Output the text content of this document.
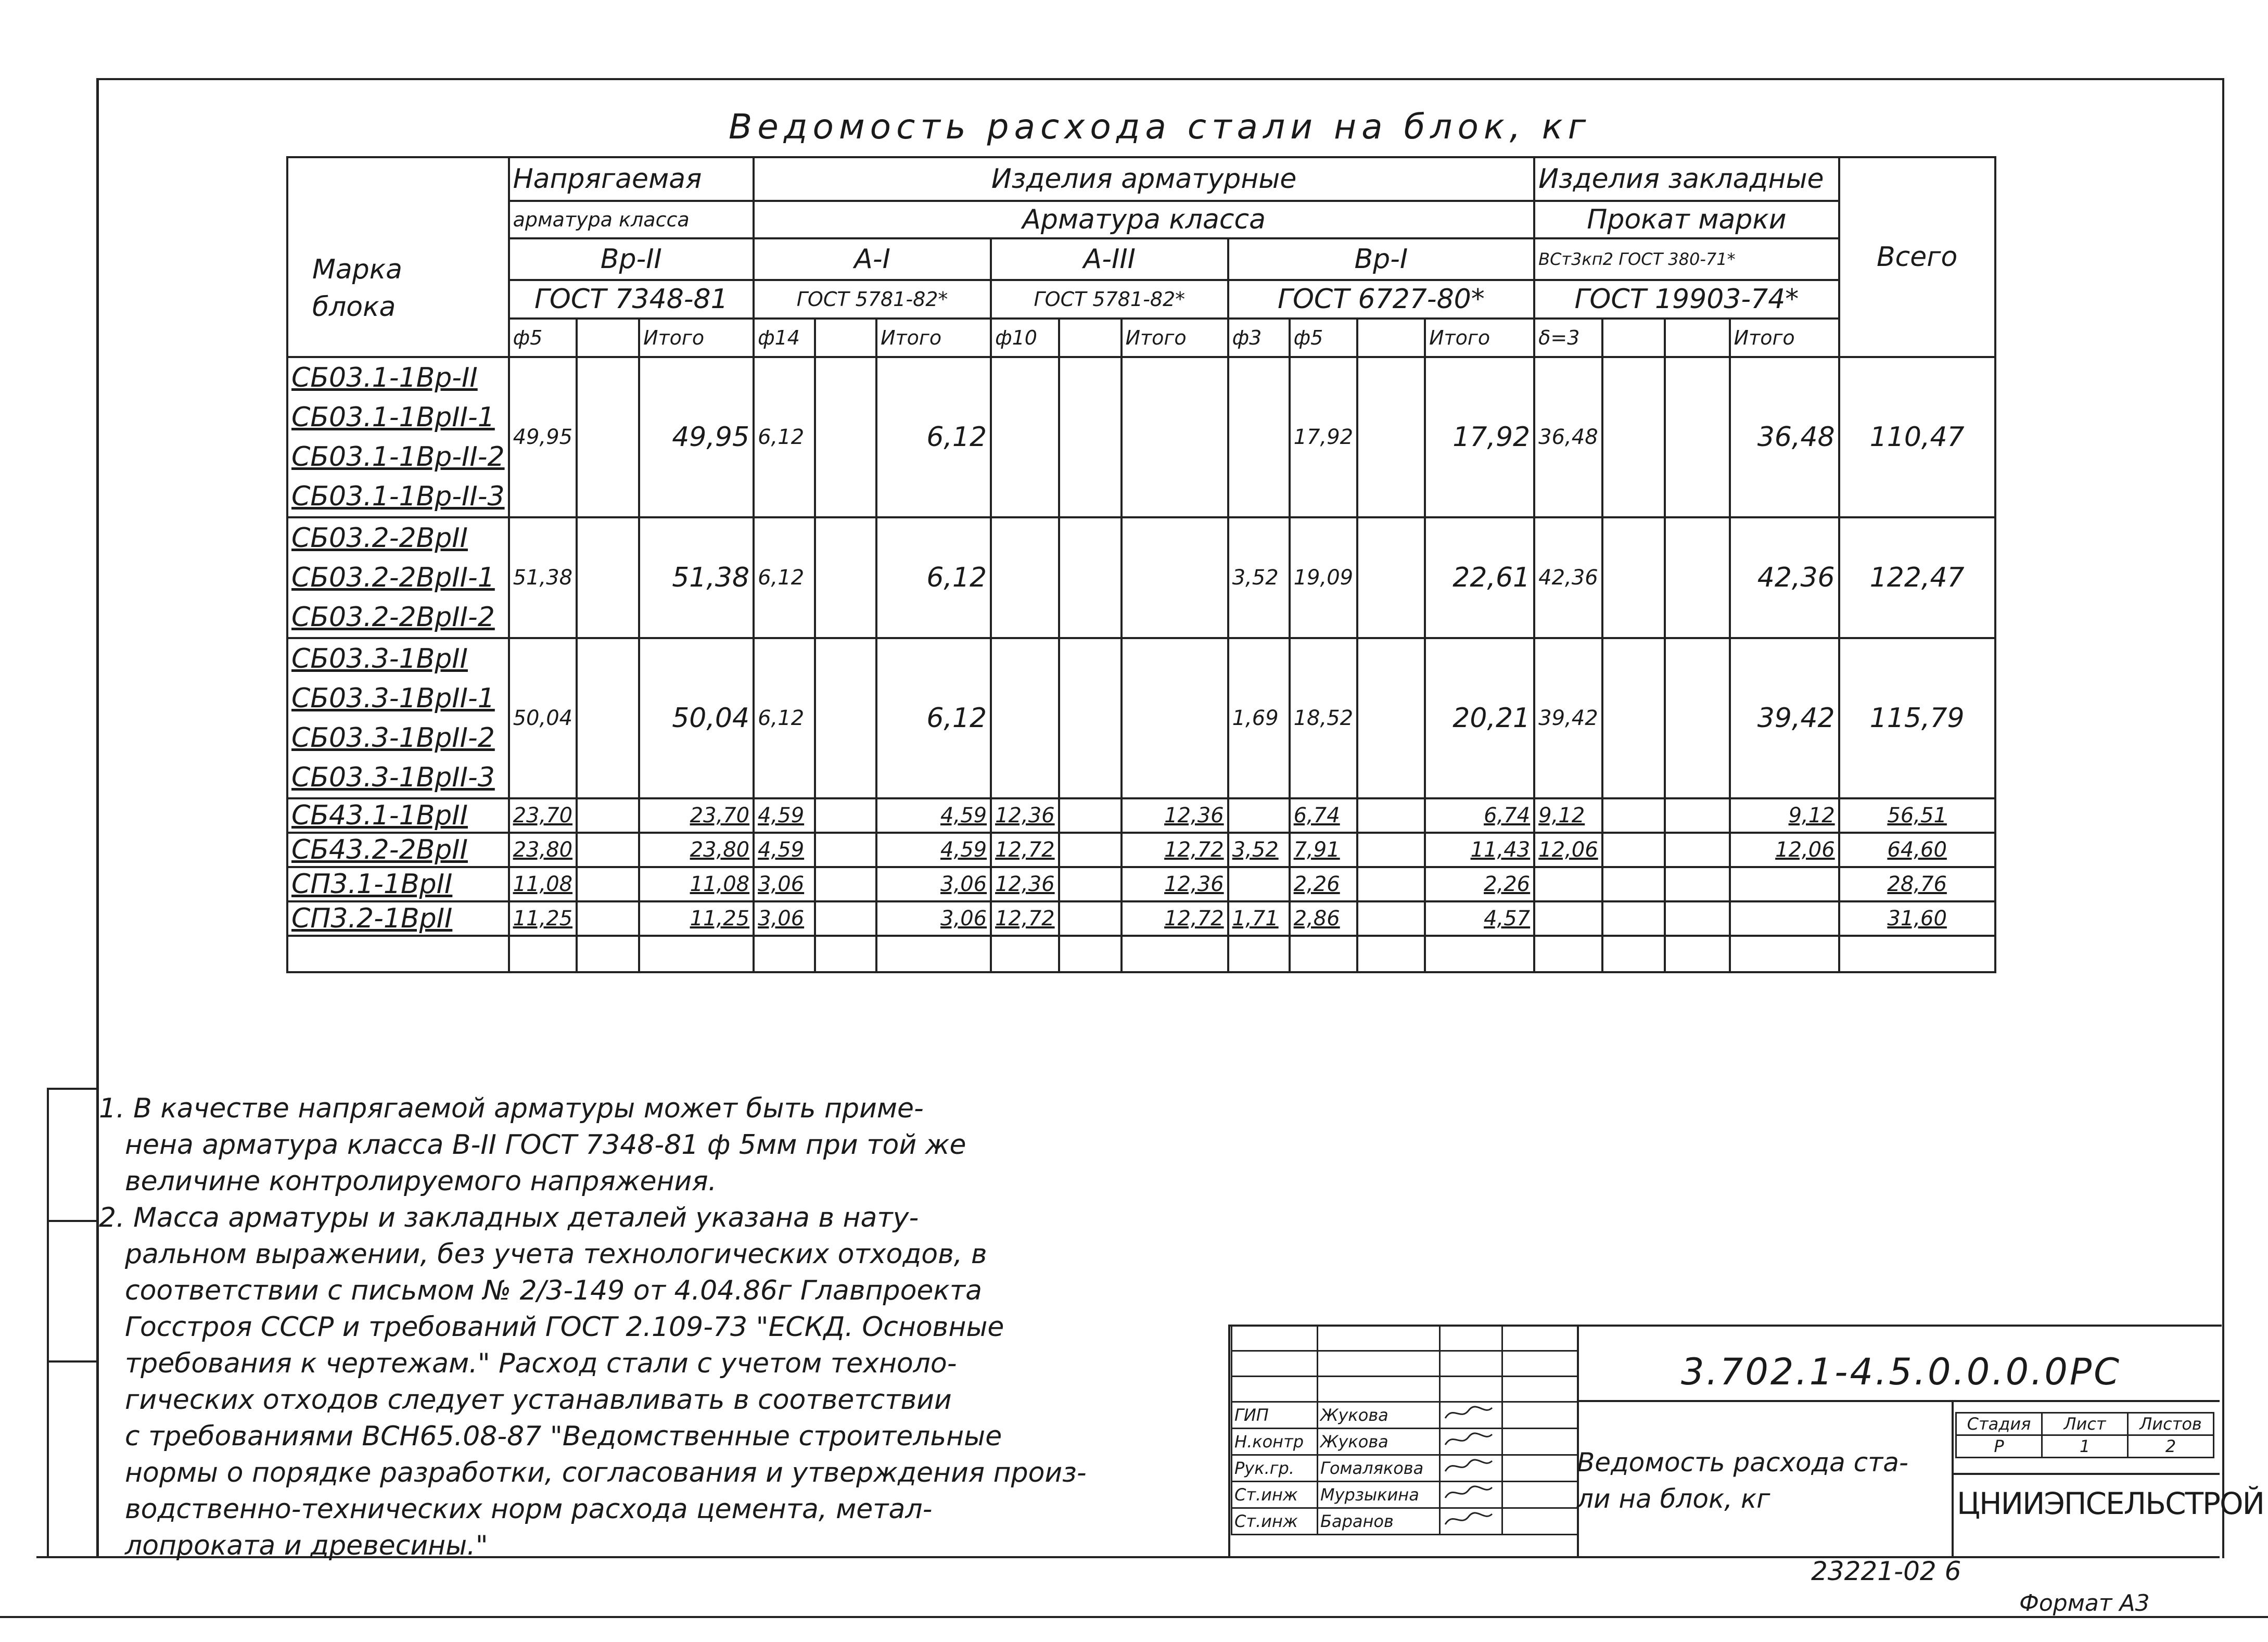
Ведомость расхода стали на блок, кг
Марка блока	Напрягаемая			Изделия арматурные										Изделия закладные				Всего
	арматура класса			Арматура класса										Прокат марки				
	Вр-II			А-I			А-III			Вр-I				ВСт3кп2 ГОСТ 380-71*				
	ГОСТ 7348-81			ГОСТ 5781-82*			ГОСТ 5781-82*			ГОСТ 6727-80*				ГОСТ 19903-74*				
	ф5		Итого	ф14		Итого	ф10		Итого	ф3	ф5		Итого	δ=3			Итого	

СБ03.1-1Вр-II
СБ03.1-1ВрII-1
СБ03.1-1Вр-II-2
СБ03.1-1Вр-II-3	49,95		49,95	6,12		6,12					17,92		17,92	36,48			36,48	110,47

СБ03.2-2ВрII
СБ03.2-2ВрII-1
СБ03.2-2ВрII-2	51,38		51,38	6,12		6,12				3,52	19,09		22,61	42,36			42,36	122,47

СБ03.3-1ВрII
СБ03.3-1ВрII-1
СБ03.3-1ВрII-2
СБ03.3-1ВрII-3	50,04		50,04	6,12		6,12				1,69	18,52		20,21	39,42			39,42	115,79

СБ43.1-1ВрII	23,70		23,70	4,59		4,59	12,36		12,36		6,74		6,74	9,12			9,12	56,51

СБ43.2-2ВрII	23,80		23,80	4,59		4,59	12,72		12,72	3,52	7,91		11,43	12,06			12,06	64,60

СП3.1-1ВрII	11,08		11,08	3,06		3,06	12,36		12,36		2,26		2,26					28,76

СП3.2-1ВрII	11,25		11,25	3,06		3,06	12,72		12,72	1,71	2,86		4,57					31,60

1. В качестве напрягаемой арматуры может быть приме-

нена арматура класса В-II ГОСТ 7348-81 ф 5мм при той же

величине контролируемого напряжения.

2. Масса арматуры и закладных деталей указана в нату-

ральном выражении, без учета технологических отходов, в

соответствии с письмом № 2/3-149 от 4.04.86г Главпроекта

Госстроя СССР и требований ГОСТ 2.109-73 "ЕСКД. Основные

требования к чертежам." Расход стали с учетом техноло-

гических отходов следует устанавливать в соответствии

с требованиями ВСН65.08-87 "Ведомственные строительные

нормы о порядке разработки, согласования и утверждения произ-

водственно-технических норм расхода цемента, метал-

лопроката и древесины."

ГИП	Жукова		
Н.контр	Жукова		
Рук.гр.	Гомалякова		
Ст.инж	Мурзыкина		
Ст.инж	Баранов		
3.702.1-4.5.0.0.0.0РС
Ведомость расхода ста-
ли на блок, кг
Стадия	Лист	Листов
Р	1	2
ЦНИИЭПСЕЛЬСТРОЙ
23221-02 6
Формат А3
